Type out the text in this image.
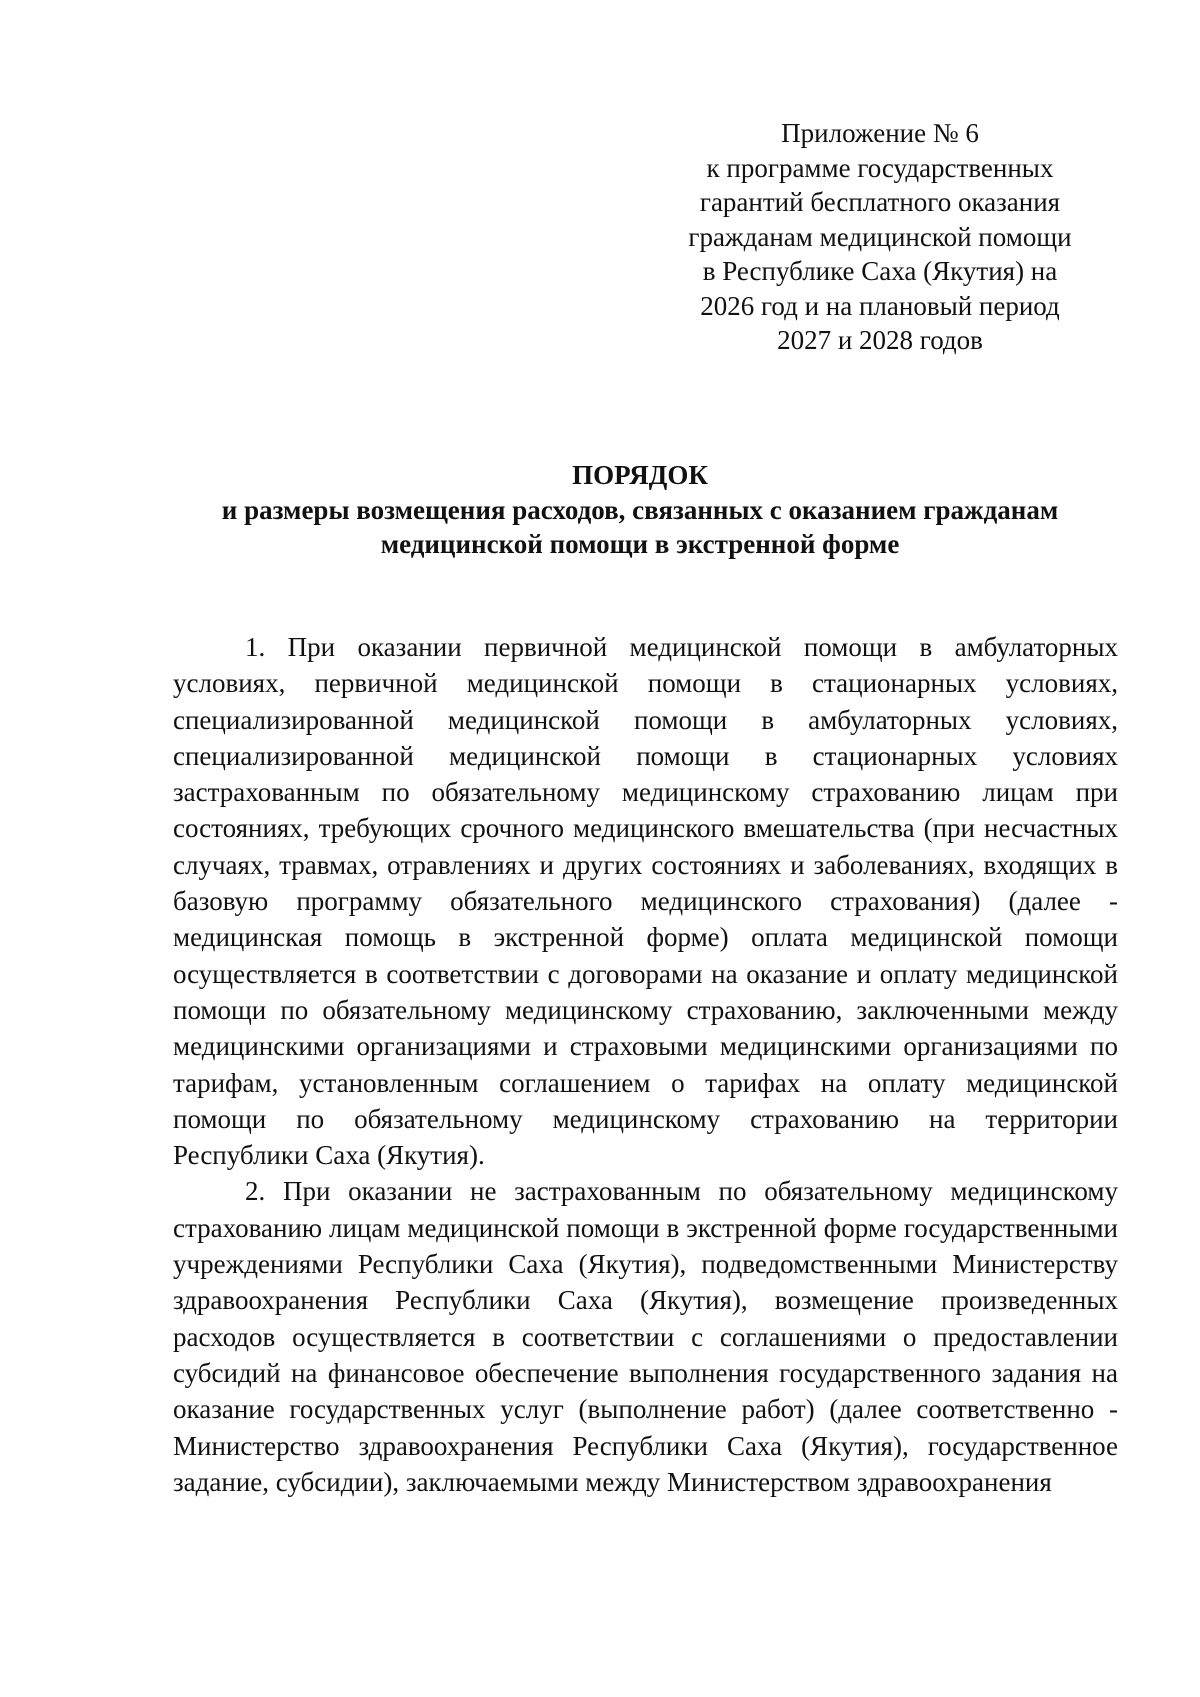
Приложение № 6
к программе государственных
гарантий бесплатного оказания
гражданам медицинской помощи
в Республике Саха (Якутия) на
2026 год и на плановый период
2027 и 2028 годов
ПОРЯДОК
и размеры возмещения расходов, связанных с оказанием гражданам
медицинской помощи в экстренной форме

1. При оказании первичной медицинской помощи в амбулаторных условиях, первичной медицинской помощи в стационарных условиях, специализированной медицинской помощи в амбулаторных условиях, специализированной медицинской помощи в стационарных условиях застрахованным по обязательному медицинскому страхованию лицам при состояниях, требующих срочного медицинского вмешательства (при несчастных случаях, травмах, отравлениях и других состояниях и заболеваниях, входящих в базовую программу обязательного медицинского страхования) (далее - медицинская помощь в экстренной форме) оплата медицинской помощи осуществляется в соответствии с договорами на оказание и оплату медицинской помощи по обязательному медицинскому страхованию, заключенными между медицинскими организациями и страховыми медицинскими организациями по тарифам, установленным соглашением о тарифах на оплату медицинской помощи по обязательному медицинскому страхованию на территории Республики Саха (Якутия).

2. При оказании не застрахованным по обязательному медицинскому страхованию лицам медицинской помощи в экстренной форме государственными учреждениями Республики Саха (Якутия), подведомственными Министерству здравоохранения Республики Саха (Якутия), возмещение произведенных расходов осуществляется в соответствии с соглашениями о предоставлении субсидий на финансовое обеспечение выполнения государственного задания на оказание государственных услуг (выполнение работ) (далее соответственно - Министерство здравоохранения Республики Саха (Якутия), государственное задание, субсидии), заключаемыми между Министерством здравоохранения
